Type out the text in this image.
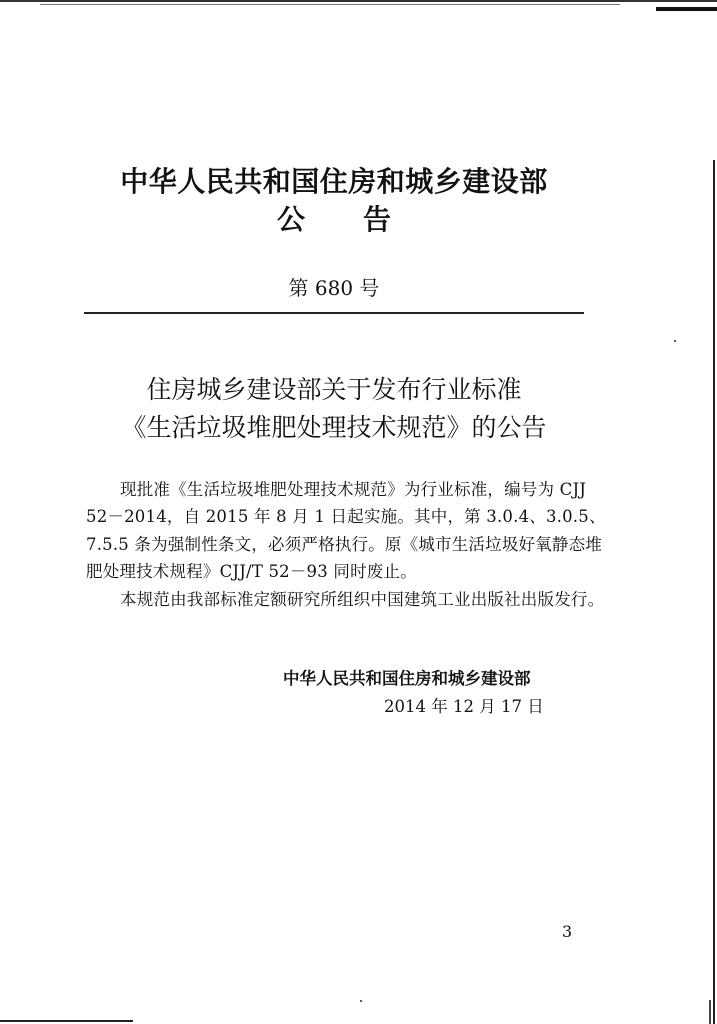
中华人民共和国住房和城乡建设部
公告
第 680 号
住房城乡建设部关于发布行业标准
《生活垃圾堆肥处理技术规范》的公告

现批准《生活垃圾堆肥处理技术规范》为行业标准，编号为 CJJ 52－2014，自 2015 年 8 月 1 日起实施。其中，第 3.0.4、3.0.5、7.5.5 条为强制性条文，必须严格执行。原《城市生活垃圾好氧静态堆肥处理技术规程》CJJ/T 52－93 同时废止。

本规范由我部标准定额研究所组织中国建筑工业出版社出版发行。

中华人民共和国住房和城乡建设部
2014 年 12 月 17 日
3
